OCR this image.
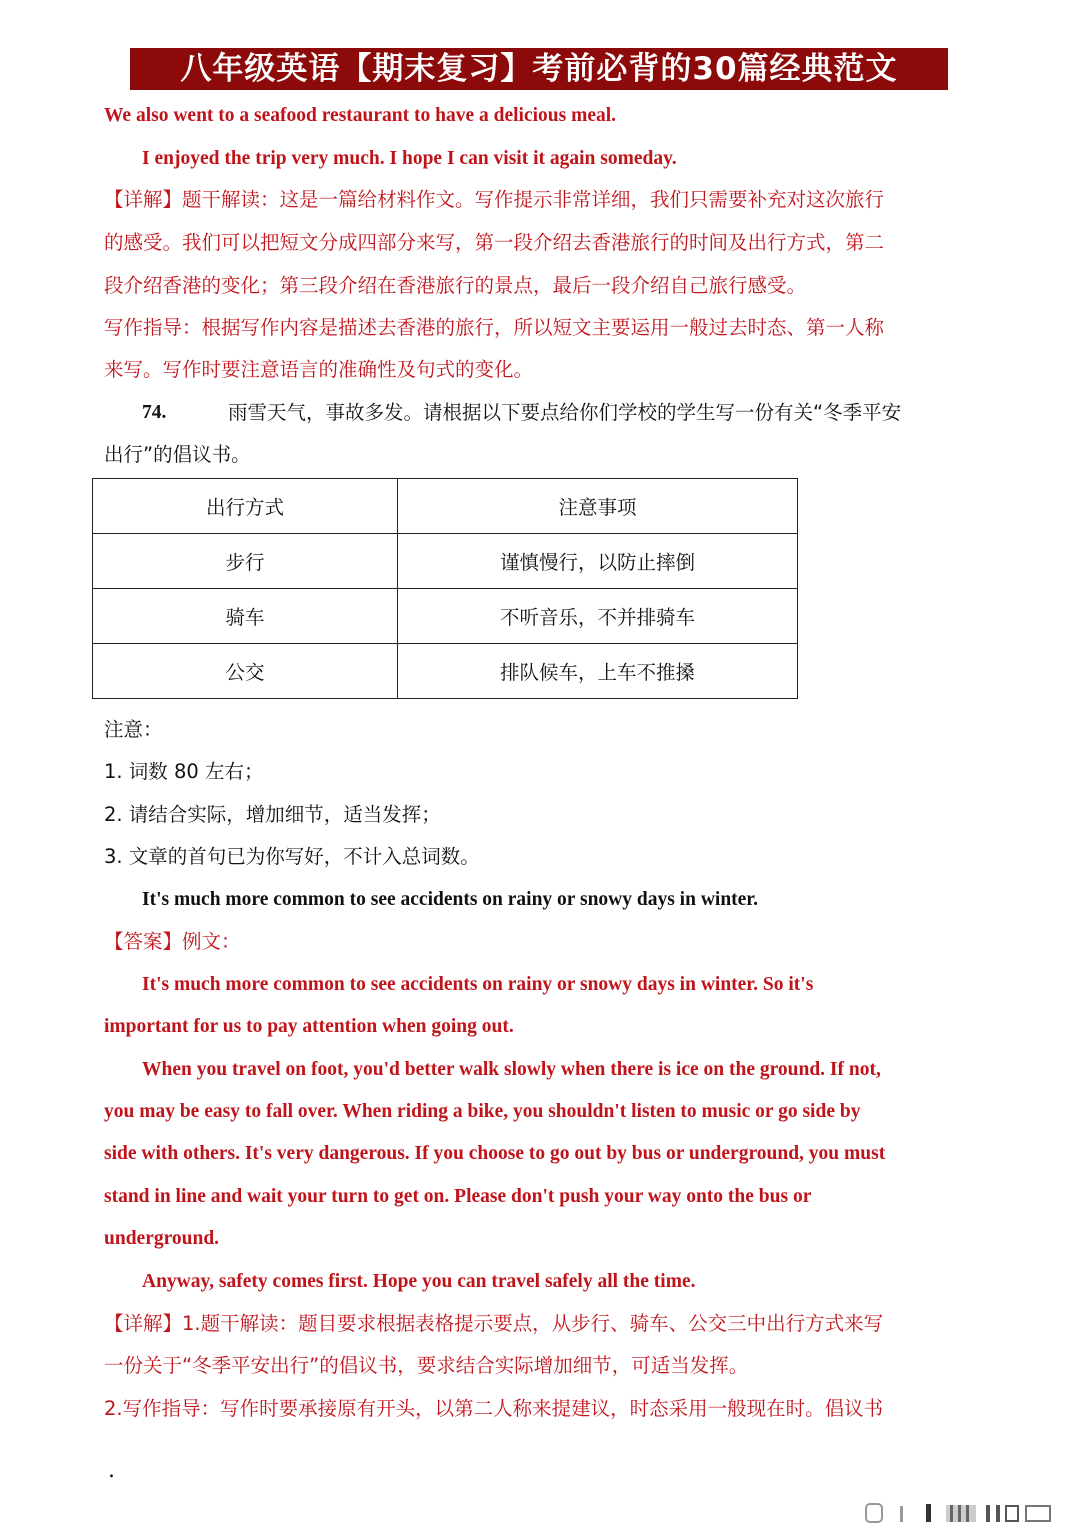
八年级英语【期末复习】考前必背的30篇经典范文
We also went to a seafood restaurant to have a delicious meal.
I enjoyed the trip very much. I hope I can visit it again someday.
【详解】题干解读：这是一篇给材料作文。写作提示非常详细，我们只需要补充对这次旅行
的感受。我们可以把短文分成四部分来写，第一段介绍去香港旅行的时间及出行方式，第二
段介绍香港的变化；第三段介绍在香港旅行的景点，最后一段介绍自己旅行感受。
写作指导：根据写作内容是描述去香港的旅行，所以短文主要运用一般过去时态、第一人称
来写。写作时要注意语言的准确性及句式的变化。
74.	雨雪天气，事故多发。请根据以下要点给你们学校的学生写一份有关“冬季平安
出行”的倡议书。
出行方式	注意事项
步行	谨慎慢行，以防止摔倒
骑车	不听音乐，不并排骑车
公交	排队候车，上车不推搡
注意：
1. 词数 80 左右；
2. 请结合实际，增加细节，适当发挥；
3. 文章的首句已为你写好，不计入总词数。
It's much more common to see accidents on rainy or snowy days in winter.
【答案】例文：
It's much more common to see accidents on rainy or snowy days in winter. So it's
important for us to pay attention when going out.
When you travel on foot, you'd better walk slowly when there is ice on the ground. If not,
you may be easy to fall over. When riding a bike, you shouldn't listen to music or go side by
side with others. It's very dangerous. If you choose to go out by bus or underground, you must
stand in line and wait your turn to get on. Please don't push your way onto the bus or
underground.
Anyway, safety comes first. Hope you can travel safely all the time.
【详解】1.题干解读：题目要求根据表格提示要点，从步行、骑车、公交三中出行方式来写
一份关于“冬季平安出行”的倡议书，要求结合实际增加细节，可适当发挥。
2.写作指导：写作时要承接原有开头，以第二人称来提建议，时态采用一般现在时。倡议书
.
